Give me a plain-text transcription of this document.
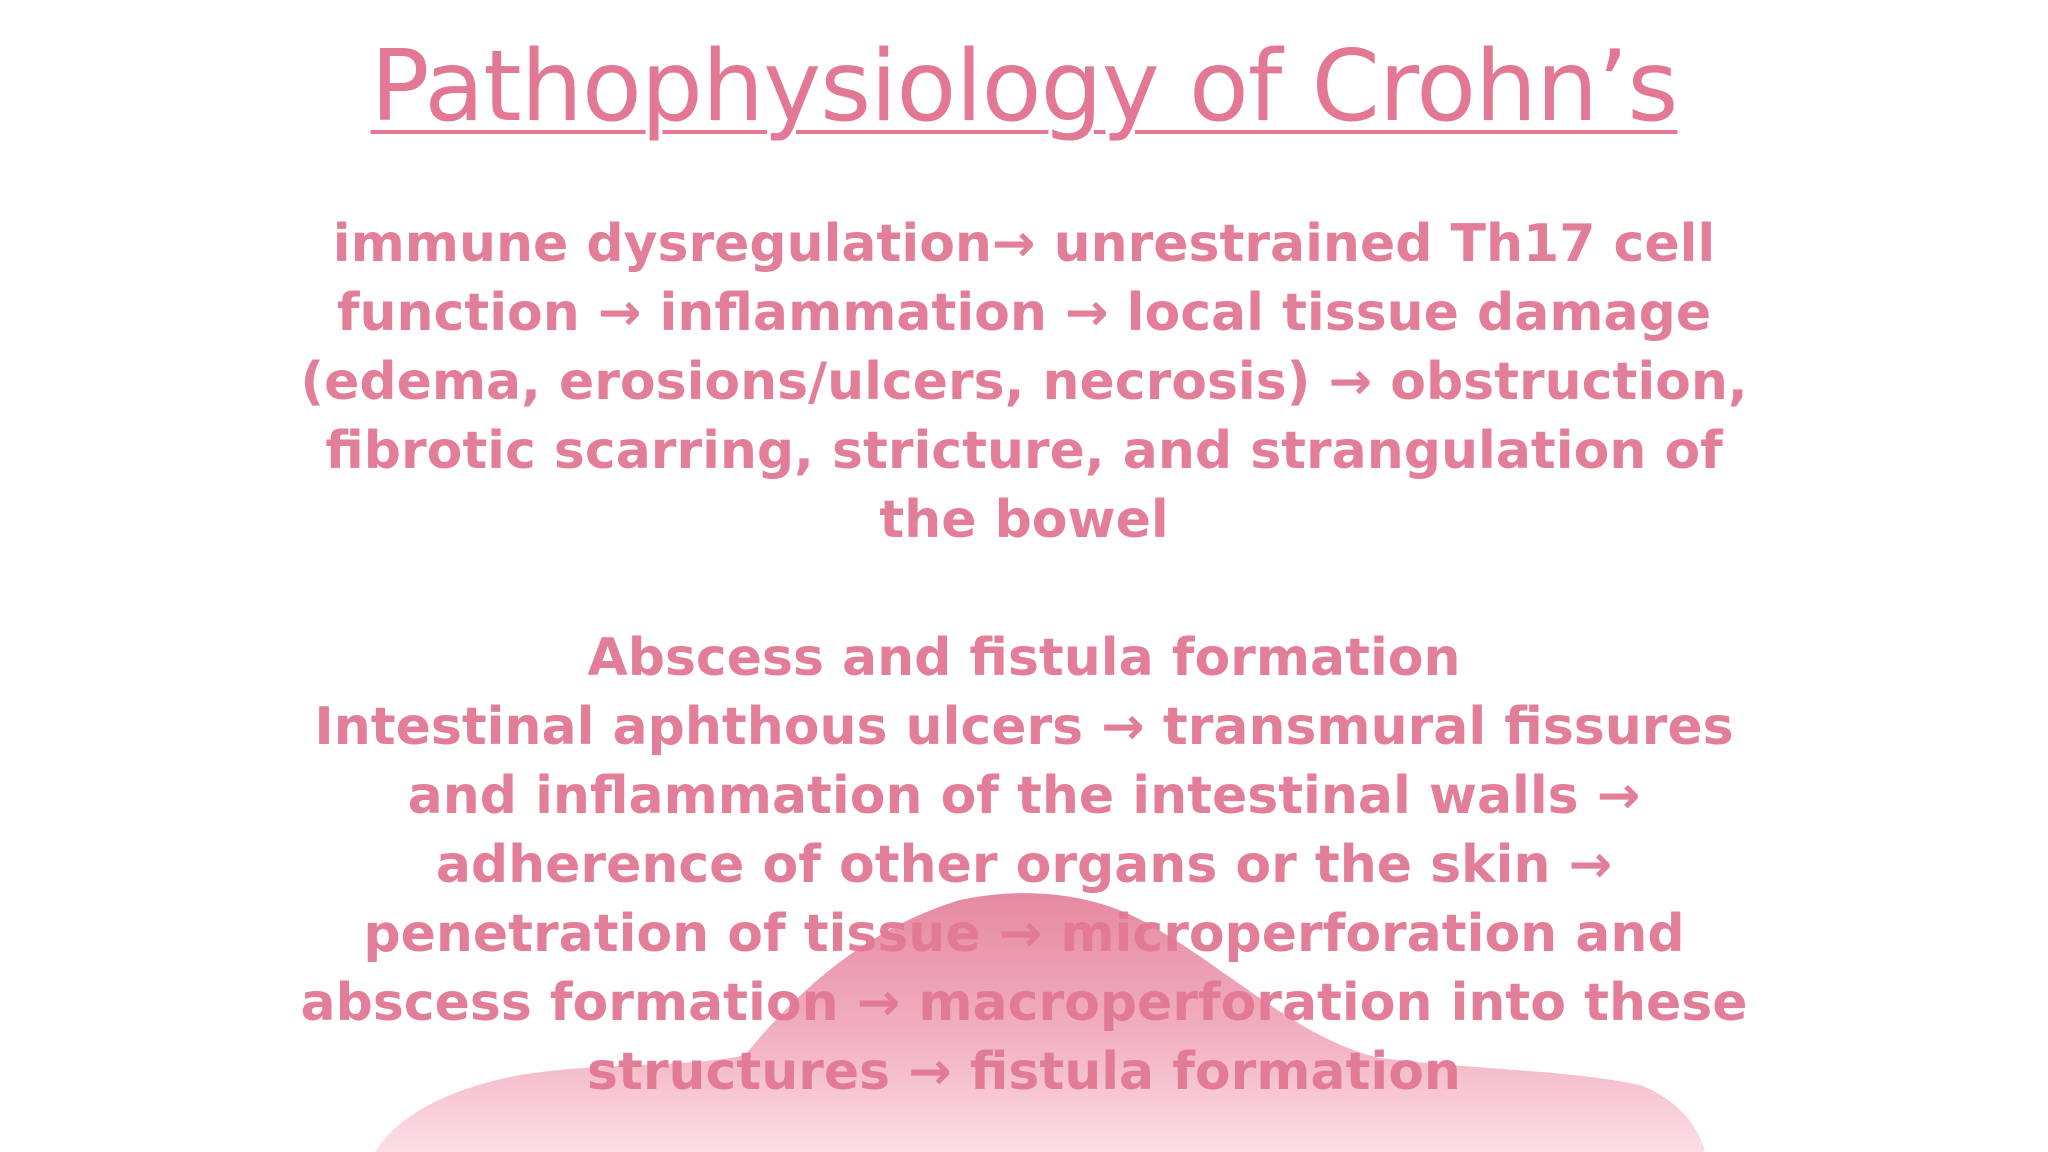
Pathophysiology of Crohn’s

immune dysregulation→ unrestrained Th17 cell function → inflammation → local tissue damage (edema, erosions/ulcers, necrosis) → obstruction, fibrotic scarring, stricture, and strangulation of the bowel

Abscess and fistula formation

Intestinal aphthous ulcers → transmural fissures and inflammation of the intestinal walls → adherence of other organs or the skin → penetration of tissue → microperforation and abscess formation → macroperforation into these structures → fistula formation
